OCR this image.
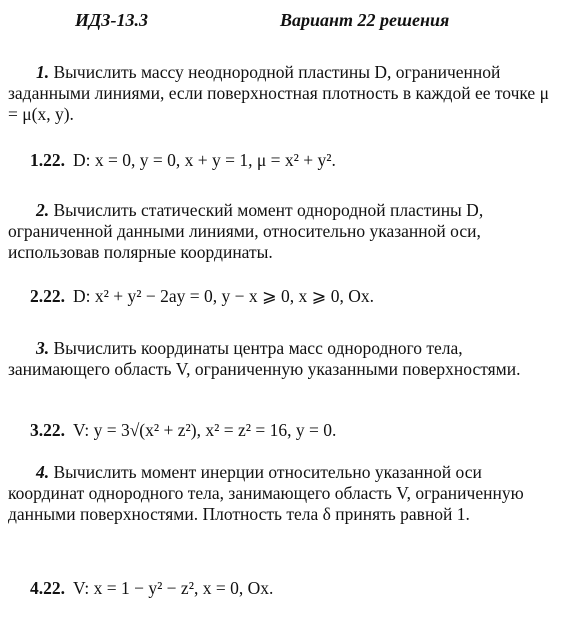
ИДЗ-13.3	Вариант 22 решения
1. Вычислить массу неоднородной пластины D, ограниченной заданными линиями, если поверхностная плотность в каждой ее точке μ = μ(x, y).
1.22. D: x = 0, y = 0, x + y = 1, μ = x² + y².
2. Вычислить статический момент однородной пластины D, ограниченной данными линиями, относительно указанной оси, использовав полярные координаты.
2.22. D: x² + y² − 2ay = 0, y − x ⩾ 0, x ⩾ 0, Ox.
3. Вычислить координаты центра масс однородного тела, занимающего область V, ограниченную указанными поверхностями.
3.22. V: y = 3√(x² + z²), x² = z² = 16, y = 0.
4. Вычислить момент инерции относительно указанной оси координат однородного тела, занимающего область V, ограниченную данными поверхностями. Плотность тела δ принять равной 1.
4.22. V: x = 1 − y² − z², x = 0, Ox.
